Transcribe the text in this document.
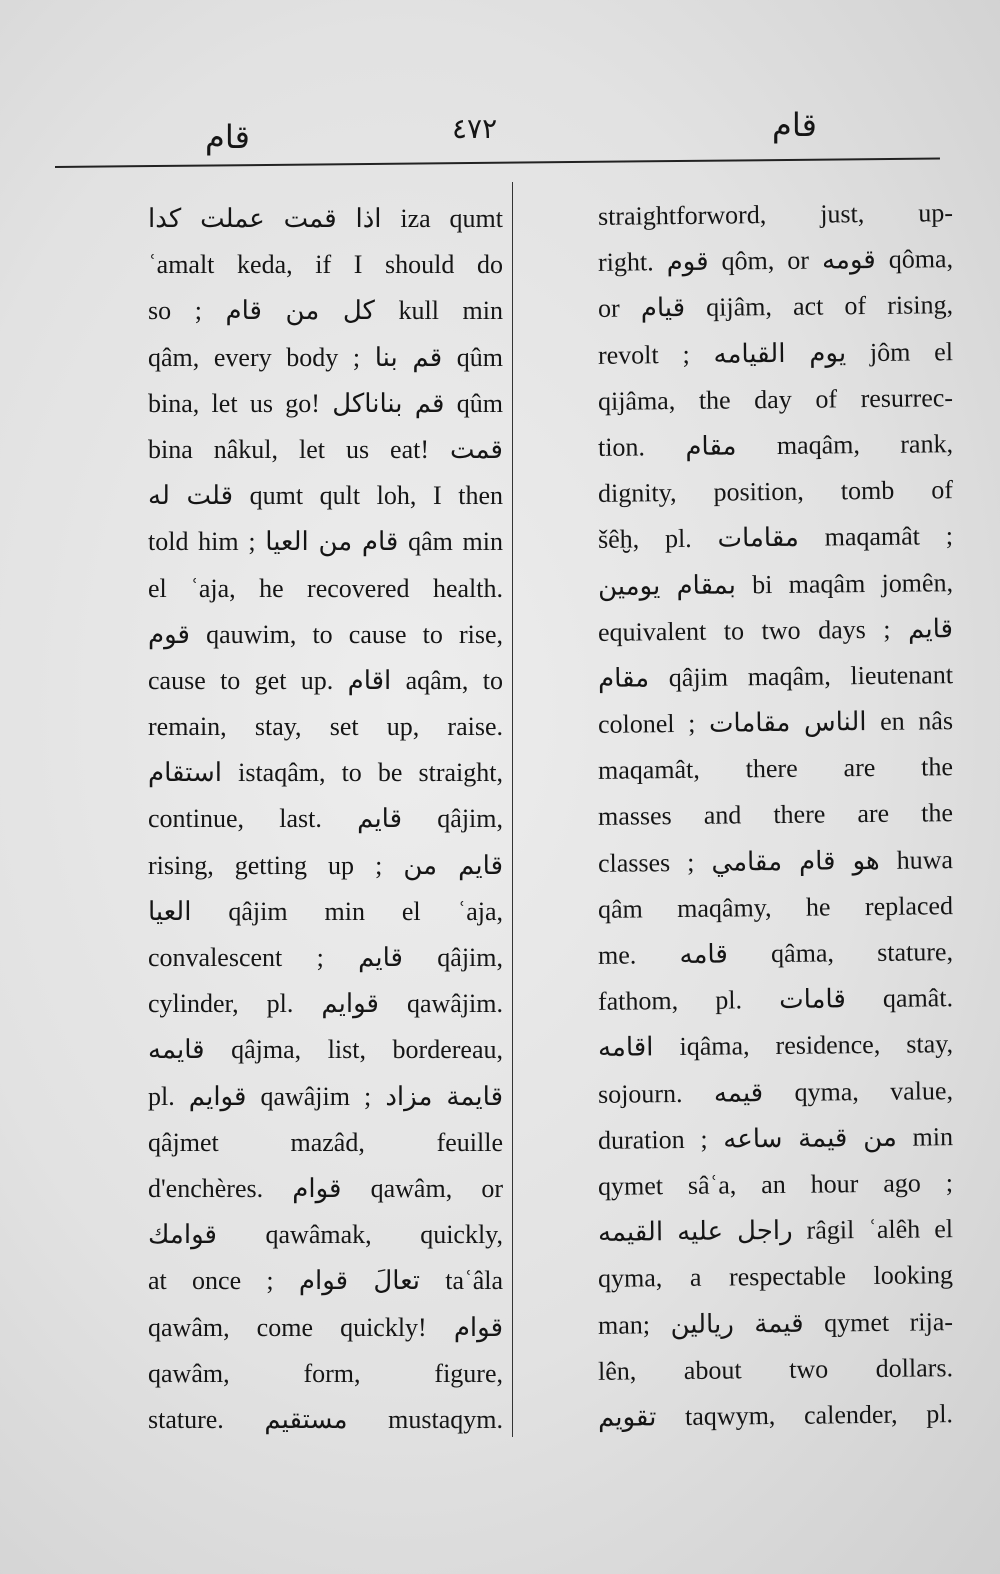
قام	٤٧٢	قام
اذا قمت عملت كدا iza qumt
ʿamalt keda, if I should do
so ; كل من قام kull min
qâm, every body ; قم بنا qûm
bina, let us go! قم بناناكل qûm
bina nâkul, let us eat! قمت
قلت له qumt qult loh, I then
told him ; قام من العيا qâm min
el ʿaja, he recovered health.
قوم qauwim, to cause to rise,
cause to get up. اقام aqâm, to
remain, stay, set up, raise.
استقام istaqâm, to be straight,
continue, last. قايم qâjim,
rising, getting up ; قايم من
العيا qâjim min el ʿaja,
convalescent ; قايم qâjim,
cylinder, pl. قوايم qawâjim.
قايمه qâjma, list, bordereau,
pl. قوايم qawâjim ; قايمة مزاد
qâjmet mazâd, feuille
d'enchères. قوام qawâm, or
قوامك qawâmak, quickly,
at once ; تعالَ قوام taʿâla
qawâm, come quickly! قوام
qawâm, form, figure,
stature. مستقيم mustaqym.
straightforword, just, up-
right. قوم qôm, or قومه qôma,
or قيام qijâm, act of rising,
revolt ; يوم القيامه jôm el
qijâma, the day of resurrec-
tion. مقام maqâm, rank,
dignity, position, tomb of
šêḫ, pl. مقامات maqamât ;
بمقام يومين bi maqâm jomên,
equivalent to two days ; قايم
مقام qâjim maqâm, lieutenant
colonel ; الناس مقامات en nâs
maqamât, there are the
masses and there are the
classes ; هو قام مقامي huwa
qâm maqâmy, he replaced
me. قامه qâma, stature,
fathom, pl. قامات qamât.
اقامه iqâma, residence, stay,
sojourn. قيمه qyma, value,
duration ; من قيمة ساعه min
qymet sâʿa, an hour ago ;
راجل عليه القيمه râgil ʿalêh el
qyma, a respectable looking
man; قيمة ريالين qymet rija-
lên, about two dollars.
تقويم taqwym, calender, pl.
